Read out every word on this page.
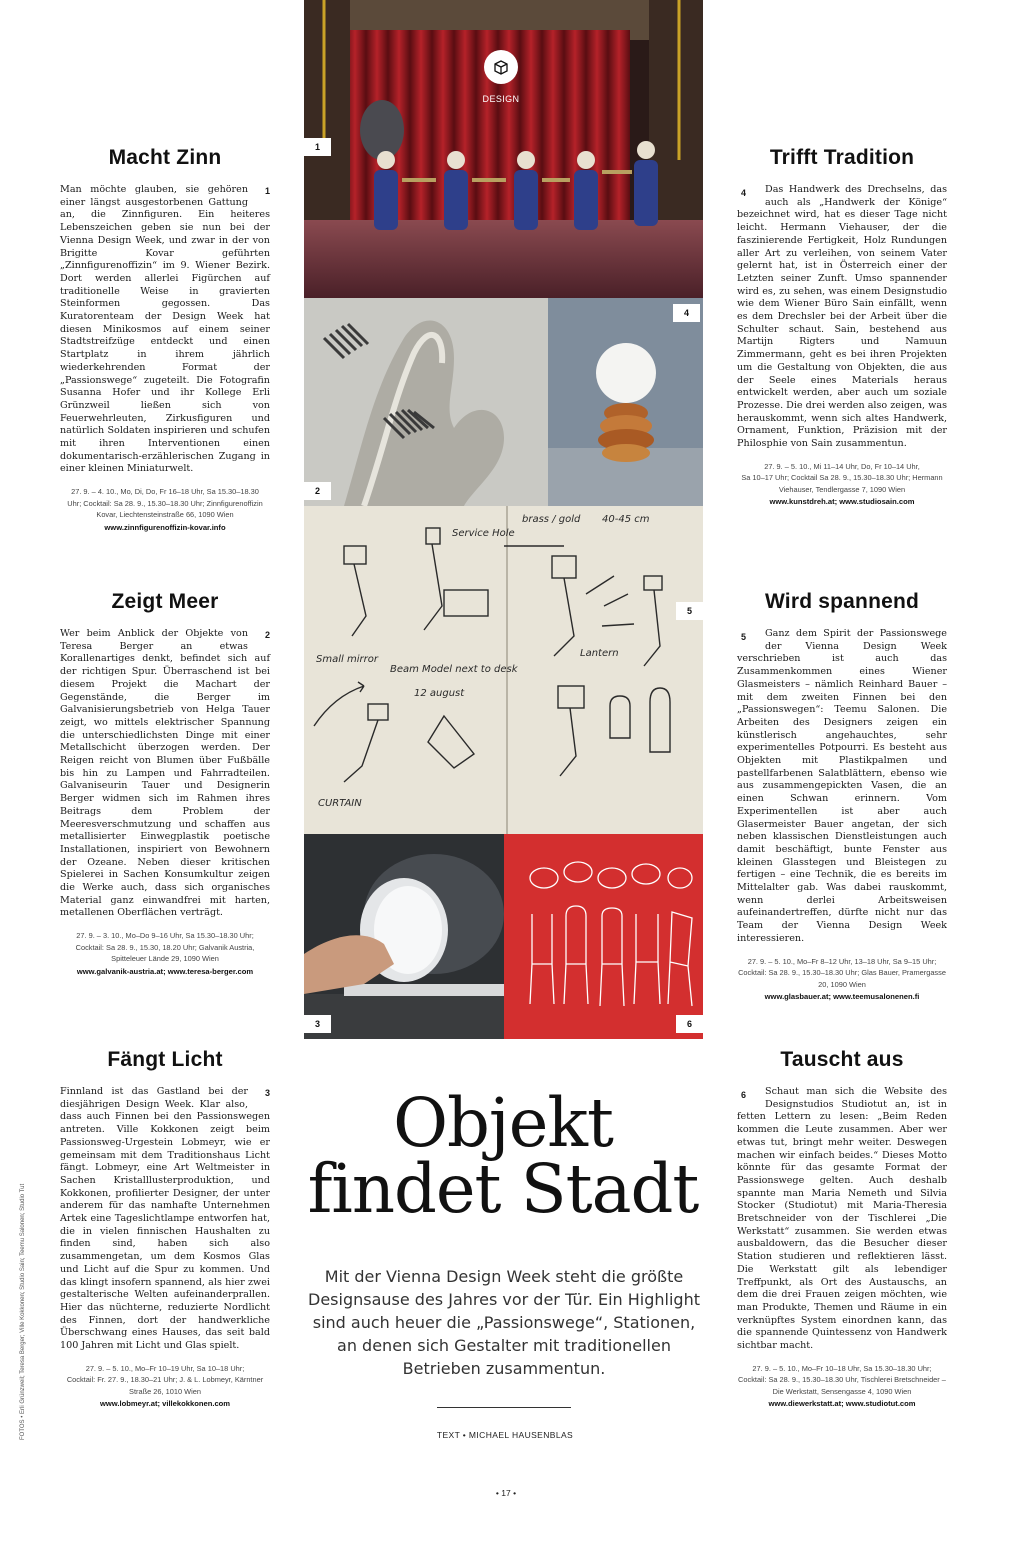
Macht Zinn
1

Man möchte glauben, sie gehören einer längst ausgestorbenen Gattung an, die Zinnfiguren. Ein heiteres Lebenszeichen geben sie nun bei der Vienna Design Week, und zwar in der von Brigitte Kovar geführten „Zinnfigurenoffizin“ im 9. Wiener Bezirk. Dort werden allerlei Figürchen auf traditionelle Weise in gravierten Steinformen gegossen. Das Kuratorenteam der Design Week hat diesen Minikosmos auf einem seiner Stadtstreifzüge entdeckt und einen Startplatz in ihrem jährlich wiederkehrenden Format der „Passionswege“ zugeteilt. Die Fotografin Susanna Hofer und ihr Kollege Erli Grünzweil ließen sich von Feuerwehrleuten, Zirkusfiguren und natürlich Soldaten inspirieren und schufen mit ihren Interventionen einen dokumentarisch-erzählerischen Zugang in einer kleinen Miniaturwelt.

27. 9. – 4. 10., Mo, Di, Do, Fr 16–18 Uhr, Sa 15.30–18.30

Uhr; Cocktail: Sa 28. 9., 15.30–18.30 Uhr; Zinnfigurenoffizin Kovar, Liechtensteinstraße 66, 1090 Wien

www.zinnfigurenoffizin-kovar.info

Zeigt Meer
2

Wer beim Anblick der Objekte von Teresa Berger an etwas Korallenartiges denkt, befindet sich auf der richtigen Spur. Überraschend ist bei diesem Projekt die Machart der Gegenstände, die Berger im Galvanisierungsbetrieb von Helga Tauer zeigt, wo mittels elektrischer Spannung die unterschiedlichsten Dinge mit einer Metallschicht überzogen werden. Der Reigen reicht von Blumen über Fußbälle bis hin zu Lampen und Fahrradteilen. Galvaniseurin Tauer und Designerin Berger widmen sich im Rahmen ihres Beitrags dem Problem der Meeresverschmutzung und schaffen aus metallisierter Einwegplastik poetische Installationen, inspiriert von Bewohnern der Ozeane. Neben dieser kritischen Spielerei in Sachen Konsumkultur zeigen die Werke auch, dass sich organisches Material ganz einwandfrei mit harten, metallenen Oberflächen verträgt.

27. 9. – 3. 10., Mo–Do 9–16 Uhr, Sa 15.30–18.30 Uhr;

Cocktail: Sa 28. 9., 15.30, 18.20 Uhr; Galvanik Austria, Spitteleuer Lände 29, 1090 Wien

www.galvanik-austria.at; www.teresa-berger.com

Fängt Licht
3

Finnland ist das Gastland bei der diesjährigen Design Week. Klar also, dass auch Finnen bei den Passionswegen antreten. Ville Kokkonen zeigt beim Passionsweg-Urgestein Lobmeyr, wie er gemeinsam mit dem Traditionshaus Licht fängt. Lobmeyr, eine Art Weltmeister in Sachen Kristalllusterproduktion, und Kokkonen, profilierter Designer, der unter anderem für das namhafte Unternehmen Artek eine Tageslichtlampe entworfen hat, die in vielen finnischen Haushalten zu finden sind, haben sich also zusammengetan, um dem Kosmos Glas und Licht auf die Spur zu kommen. Und das klingt insofern spannend, als hier zwei gestalterische Welten aufeinanderprallen. Hier das nüchterne, reduzierte Nordlicht des Finnen, dort der handwerkliche Überschwang eines Hauses, das seit bald 100 Jahren mit Licht und Glas spielt.

27. 9. – 5. 10., Mo–Fr 10–19 Uhr, Sa 10–18 Uhr;

Cocktail: Fr. 27. 9., 18.30–21 Uhr; J. & L. Lobmeyr, Kärntner Straße 26, 1010 Wien

www.lobmeyr.at; villekokkonen.com

Trifft Tradition
4	Das Handwerk des Drechselns, das auch als „Handwerk der Könige“ bezeichnet wird, hat es dieser Tage nicht leicht. Hermann Viehauser, der die faszinierende Fertigkeit, Holz Rundungen aller Art zu verleihen, von seinem Vater gelernt hat, ist in Österreich einer der Letzten seiner Zunft. Umso spannender wird es, zu sehen, was einem Designstudio wie dem Wiener Büro Sain einfällt, wenn es dem Drechsler bei der Arbeit über die Schulter schaut. Sain, bestehend aus Martijn Rigters und Namuun Zimmermann, geht es bei ihren Projekten um die Gestaltung von Objekten, die aus der Seele eines Materials heraus entwickelt werden, aber auch um soziale Prozesse. Die drei werden also zeigen, was herauskommt, wenn sich altes Handwerk, Ornament, Funktion, Präzision mit der Philosphie von Sain zusammentun.

27. 9. – 5. 10., Mi 11–14 Uhr, Do, Fr 10–14 Uhr,

Sa 10–17 Uhr; Cocktail Sa 28. 9., 15.30–18.30 Uhr; Hermann Viehauser, Tendlergasse 7, 1090 Wien

www.kunstdreh.at; www.studiosain.com

Wird spannend
5	Ganz dem Spirit der Passionswege der Vienna Design Week verschrieben ist auch das Zusammenkommen eines Wiener Glasmeisters – nämlich Reinhard Bauer – mit dem zweiten Finnen bei den „Passionswegen“: Teemu Salonen. Die Arbeiten des Designers zeigen ein künstlerisch angehauchtes, sehr experimentelles Potpourri. Es besteht aus Objekten mit Plastikpalmen und pastellfarbenen Salatblättern, ebenso wie aus zusammengepickten Vasen, die an einen Schwan erinnern. Vom Experimentellen ist aber auch Glasermeister Bauer angetan, der sich neben klassischen Dienstleistungen auch damit beschäftigt, bunte Fenster aus kleinen Glasstegen und Bleistegen zu fertigen – eine Technik, die es bereits im Mittelalter gab. Was dabei rauskommt, wenn derlei Arbeitsweisen aufeinandertreffen, dürfte nicht nur das Team der Vienna Design Week interessieren.

27. 9. – 5. 10., Mo–Fr 8–12 Uhr, 13–18 Uhr, Sa 9–15 Uhr;

Cocktail: Sa 28. 9., 15.30–18.30 Uhr; Glas Bauer, Pramergasse 20, 1090 Wien

www.glasbauer.at; www.teemusalonenen.fi

Tauscht aus
6	Schaut man sich die Website des Designstudios Studiotut an, ist in fetten Lettern zu lesen: „Beim Reden kommen die Leute zusammen. Aber wer etwas tut, bringt mehr weiter. Deswegen machen wir einfach beides.“ Dieses Motto könnte für das gesamte Format der Passionswege gelten. Auch deshalb spannte man Maria Nemeth und Silvia Stocker (Studiotut) mit Maria-Theresia Bretschneider von der Tischlerei „Die Werkstatt“ zusammen. Sie werden etwas ausbaldowern, das die Besucher dieser Station studieren und reflektieren lässt. Die Werkstatt gilt als lebendiger Treffpunkt, als Ort des Austauschs, an dem die drei Frauen zeigen möchten, wie man Produkte, Themen und Räume in ein verknüpftes System einordnen kann, das die spannende Quintessenz von Handwerk sichtbar macht.

27. 9. – 5. 10., Mo–Fr 10–18 Uhr, Sa 15.30–18.30 Uhr;

Cocktail: Sa 28. 9., 15.30–18.30 Uhr, Tischlerei Bretschneider – Die Werkstatt, Sensengasse 4, 1090 Wien

www.diewerkstatt.at; www.studiotut.com

DESIGN
2
4
Service Hole
brass / gold 40-45 cm
Small mirror
Beam Model next to desk
Lantern
12 august
CURTAIN
5
3	6
1
Objekt
findet Stadt

Mit der Vienna Design Week steht die größte Designsause des Jahres vor der Tür. Ein Highlight sind auch heuer die „Passionswege“, Stationen, an denen sich Gestalter mit traditionellen Betrieben zusammentun.

TEXT • MICHAEL HAUSENBLAS
• 17 •
FOTOS • Erli Grünzweil; Teresa Berger; Ville Kokkonen; Studio Sain; Teemu Salonen; Studio Tut
